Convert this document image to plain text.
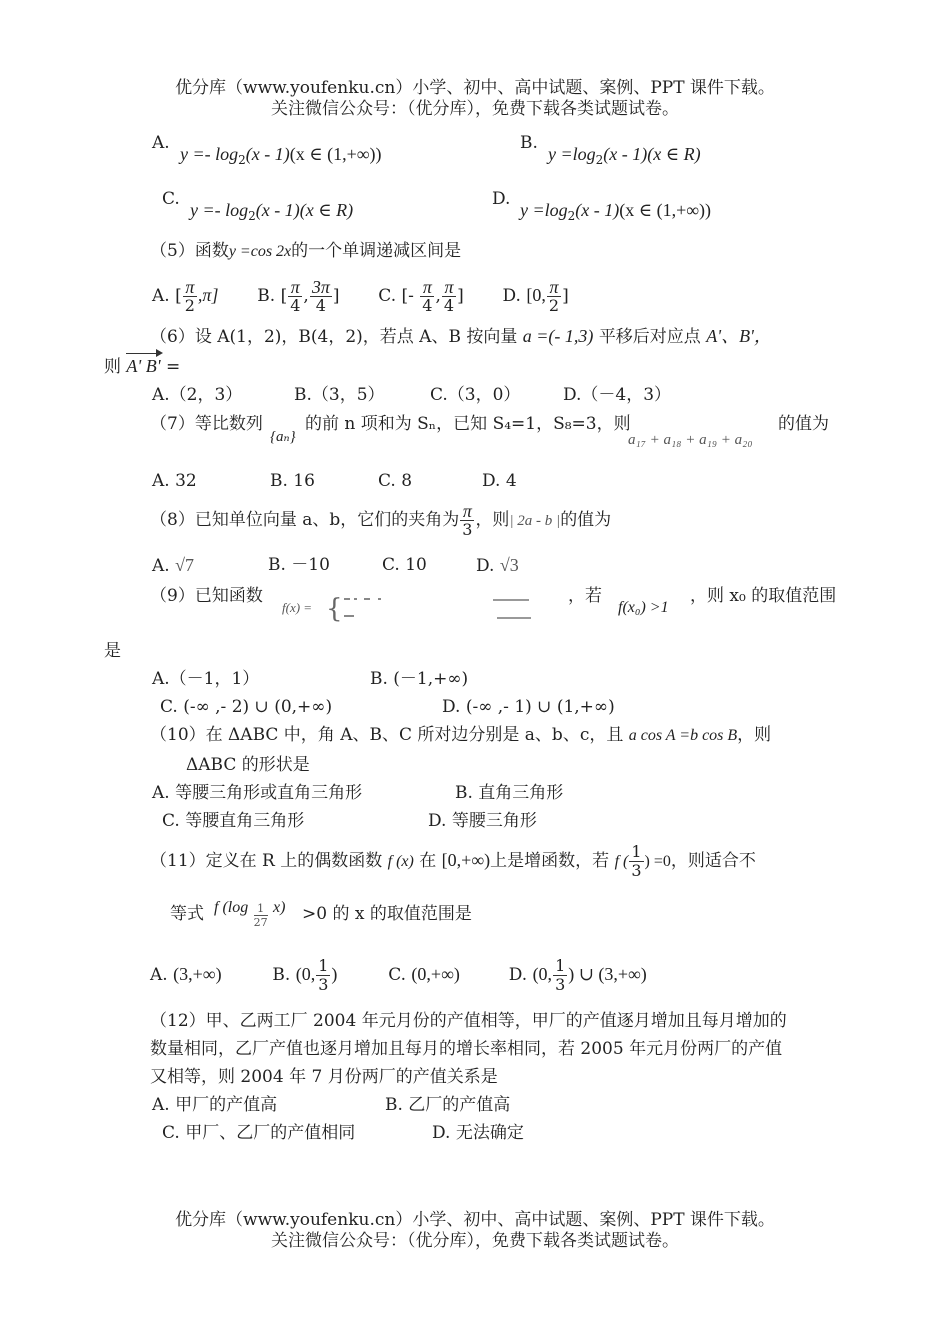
优分库（www.youfenku.cn）小学、初中、高中试题、案例、PPT 课件下载。
关注微信公众号：（优分库），免费下载各类试题试卷。
A.
$y =- \log_2(x - 1)(x$ ∈ (1,+∞))
B.
$y =\log_2(x - 1)(x$ ∈ R)
C.
$y =- \log_2(x - 1)(x$ ∈ R)
D.
$y =\log_2(x - 1)(x$ ∈ (1,+∞))
（5）函数y =cos 2x的一个单调递减区间是
A. [ $\frac{\pi}{2} ,\pi$] B. [ $\frac{\pi}{4}$ , $\frac{3\pi}{4}$ ]  C. [- $\frac{\pi}{4}$ , $\frac{\pi}{4}$ ]  D. [0, $\frac{\pi}{2}$ ]
（6）设 A(1，2)，B(4，2)，若点 A、B 按向量 a =(- 1,3) 平移后对应点 A'、B'，
则 A' B' =
A.（2，3）	B.（3，5）	C.（3，0）	D.（－4，3）
（7）等比数列
{aₙ}
的前 n 项和为 Sₙ，已知 S₄=1，S₈=3，则
a₁₇ + a₁₈ + a₁₉ + a₂₀
的值为
A. 32	B. 16	C. 8	D. 4
（8）已知单位向量 a、b，它们的夹角为 $\frac{\pi}{3}$ ，则| 2a - b |的值为
A. √7	B. －10	C. 10	D. √3
（9）已知函数
f(x) = {	，若
f(x₀) >1
，则 x₀ 的取值范围
是
A.（－1，1）	B. (－1,+∞)
C. (-∞ ,- 2) ∪ (0,+∞)	D. (-∞ ,- 1) ∪ (1,+∞)
（10）在 ΔABC 中，角 A、B、C 所对边分别是 a、b、c，且 a cos A =b cos B，则
ΔABC 的形状是
A. 等腰三角形或直角三角形	B. 直角三角形
C. 等腰直角三角形	D. 等腰三角形
（11）定义在 R 上的偶数函数 f (x) 在 [0,+∞)上是增函数，若 f ( $\frac{1}{3}$ ) =0，则适合不
等式 f $(\log \frac{1}{27} x) >0$ 的 x 的取值范围是
A. (3,+∞)	B. (0, $\frac{1}{3}$ )	C. (0,+∞)	D. (0, $\frac{1}{3}$ ) ∪ (3,+∞)
（12）甲、乙两工厂 2004 年元月份的产值相等，甲厂的产值逐月增加且每月增加的
数量相同，乙厂产值也逐月增加且每月的增长率相同，若 2005 年元月份两厂的产值
又相等，则 2004 年 7 月份两厂的产值关系是
A. 甲厂的产值高	B. 乙厂的产值高
C. 甲厂、乙厂的产值相同	D. 无法确定
优分库（www.youfenku.cn）小学、初中、高中试题、案例、PPT 课件下载。
关注微信公众号：（优分库），免费下载各类试题试卷。
